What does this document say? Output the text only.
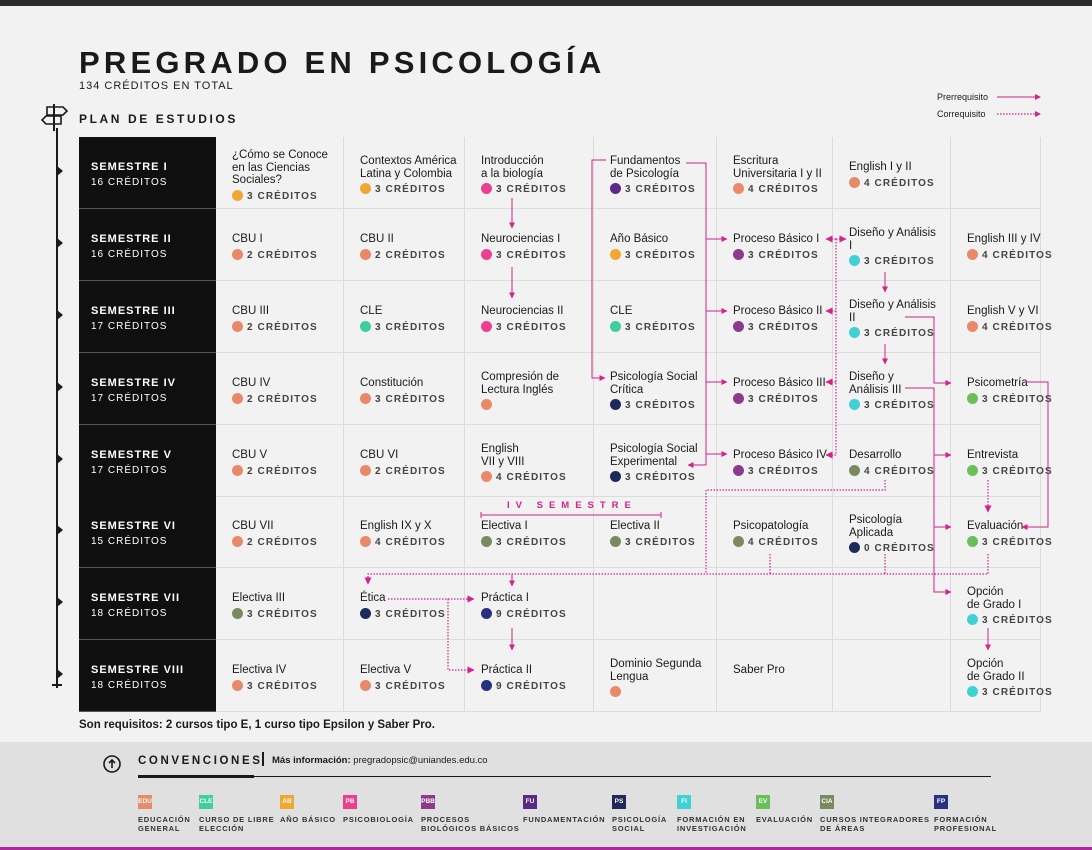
PREGRADO EN PSICOLOGÍA
134 CRÉDITOS EN TOTAL
PLAN DE ESTUDIOS
Prerrequisito
Correquisito
SEMESTRE I
16 CRÉDITOS
¿Cómo se Conoce
en las Ciencias
Sociales?
3 CRÉDITOS
Contextos América
Latina y Colombia
3 CRÉDITOS
Introducción
a la biología
3 CRÉDITOS
Fundamentos
de Psicología
3 CRÉDITOS
Escritura
Universitaria I y II
4 CRÉDITOS
English I y II
4 CRÉDITOS
SEMESTRE II
16 CRÉDITOS
CBU I
2 CRÉDITOS
CBU II
2 CRÉDITOS
Neurociencias I
3 CRÉDITOS
Año Básico
3 CRÉDITOS
Proceso Básico I
3 CRÉDITOS
Diseño y Análisis
I
3 CRÉDITOS
English III y IV
4 CRÉDITOS
SEMESTRE III
17 CRÉDITOS
CBU III
2 CRÉDITOS
CLE
3 CRÉDITOS
Neurociencias II
3 CRÉDITOS
CLE
3 CRÉDITOS
Proceso Básico II
3 CRÉDITOS
Diseño y Análisis
II
3 CRÉDITOS
English V y VI
4 CRÉDITOS
SEMESTRE IV
17 CRÉDITOS
CBU IV
2 CRÉDITOS
Constitución
3 CRÉDITOS
Compresión de
Lectura Inglés
Psicología Social
Crítica
3 CRÉDITOS
Proceso Básico III
3 CRÉDITOS
Diseño y
Análisis III
3 CRÉDITOS
Psicometría
3 CRÉDITOS
SEMESTRE V
17 CRÉDITOS
CBU V
2 CRÉDITOS
CBU VI
2 CRÉDITOS
English
VII y VIII
4 CRÉDITOS
Psicología Social
Experimental
3 CRÉDITOS
Proceso Básico IV
3 CRÉDITOS
Desarrollo
4 CRÉDITOS
Entrevista
3 CRÉDITOS
SEMESTRE VI
15 CRÉDITOS
CBU VII
2 CRÉDITOS
English IX y X
4 CRÉDITOS
Electiva I
3 CRÉDITOS
Electiva II
3 CRÉDITOS
Psicopatología
4 CRÉDITOS
Psicología
Aplicada
0 CRÉDITOS
Evaluación
3 CRÉDITOS
SEMESTRE VII
18 CRÉDITOS
Electiva III
3 CRÉDITOS
Ética
3 CRÉDITOS
Práctica I
9 CRÉDITOS
Opción
de Grado I
3 CRÉDITOS
SEMESTRE VIII
18 CRÉDITOS
Electiva IV
3 CRÉDITOS
Electiva V
3 CRÉDITOS
Práctica II
9 CRÉDITOS
Dominio Segunda
Lengua
Saber Pro	Opción
de Grado II
3 CRÉDITOS
IV SEMESTRE
Son requisitos: 2 cursos tipo E, 1 curso tipo Epsilon y Saber Pro.
CONVENCIONES Más información: pregradopsic@uniandes.edu.co
EDU
EDUCACIÓN
GENERAL
CLE
CURSO DE LIBRE
ELECCIÓN
AB
AÑO BÁSICO
PB
PSICOBIOLOGÍA
PBB
PROCESOS
BIOLÓGICOS BÁSICOS
FU
FUNDAMENTACIÓN
PS
PSICOLOGÍA
SOCIAL
FI
FORMACIÓN EN
INVESTIGACIÓN
EV
EVALUACIÓN
CIA
CURSOS INTEGRADORES
DE ÁREAS
FP
FORMACIÓN
PROFESIONAL
